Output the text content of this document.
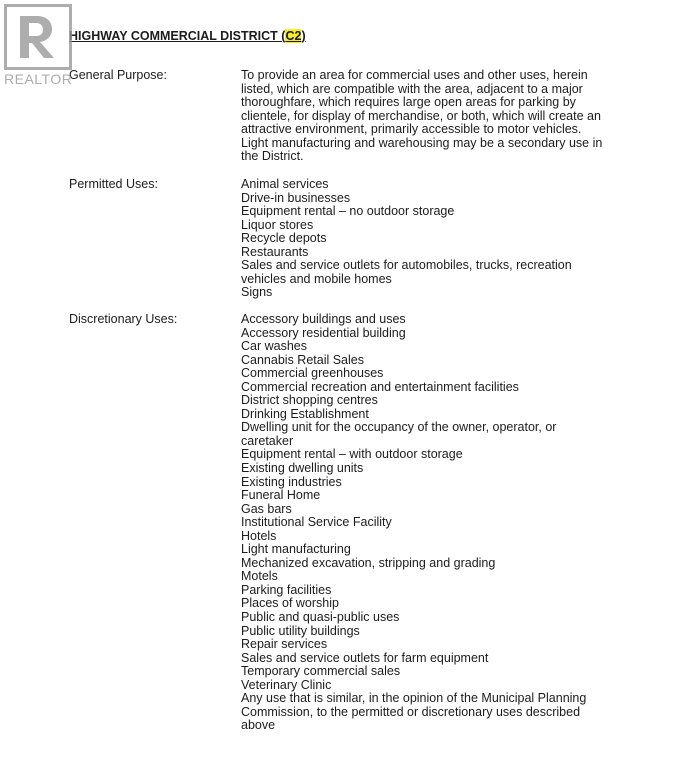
REALTOR
HIGHWAY COMMERCIAL DISTRICT (C2)
General Purpose:	To provide an area for commercial uses and other uses, herein
listed, which are compatible with the area, adjacent to a major
thoroughfare, which requires large open areas for parking by
clientele, for display of merchandise, or both, which will create an
attractive environment, primarily accessible to motor vehicles.
Light manufacturing and warehousing may be a secondary use in
the District.
Permitted Uses:	Animal services
Drive-in businesses
Equipment rental – no outdoor storage
Liquor stores
Recycle depots
Restaurants
Sales and service outlets for automobiles, trucks, recreation
vehicles and mobile homes
Signs
Discretionary Uses:	Accessory buildings and uses
Accessory residential building
Car washes
Cannabis Retail Sales
Commercial greenhouses
Commercial recreation and entertainment facilities
District shopping centres
Drinking Establishment
Dwelling unit for the occupancy of the owner, operator, or
caretaker
Equipment rental – with outdoor storage
Existing dwelling units
Existing industries
Funeral Home
Gas bars
Institutional Service Facility
Hotels
Light manufacturing
Mechanized excavation, stripping and grading
Motels
Parking facilities
Places of worship
Public and quasi-public uses
Public utility buildings
Repair services
Sales and service outlets for farm equipment
Temporary commercial sales
Veterinary Clinic
Any use that is similar, in the opinion of the Municipal Planning
Commission, to the permitted or discretionary uses described
above
